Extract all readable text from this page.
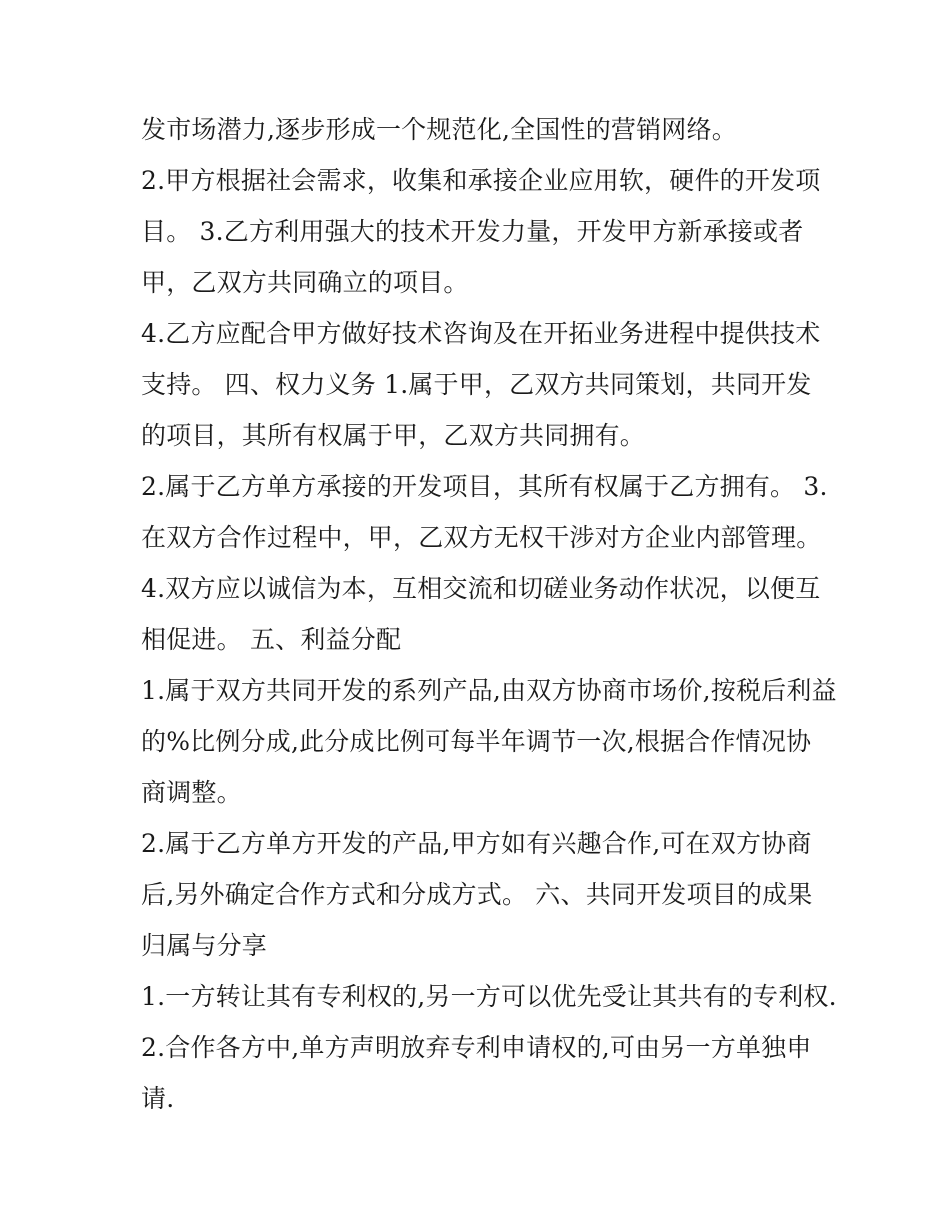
发市场潜力,逐步形成一个规范化,全国性的营销网络。
2.甲方根据社会需求，收集和承接企业应用软，硬件的开发项
目。 3.乙方利用强大的技术开发力量，开发甲方新承接或者
甲，乙双方共同确立的项目。
4.乙方应配合甲方做好技术咨询及在开拓业务进程中提供技术
支持。 四、权力义务 1.属于甲，乙双方共同策划，共同开发
的项目，其所有权属于甲，乙双方共同拥有。
2.属于乙方单方承接的开发项目，其所有权属于乙方拥有。 3.
在双方合作过程中，甲，乙双方无权干涉对方企业内部管理。
4.双方应以诚信为本，互相交流和切磋业务动作状况，以便互
相促进。 五、利益分配
1.属于双方共同开发的系列产品,由双方协商市场价,按税后利益
的%比例分成,此分成比例可每半年调节一次,根据合作情况协
商调整。
2.属于乙方单方开发的产品,甲方如有兴趣合作,可在双方协商
后,另外确定合作方式和分成方式。 六、共同开发项目的成果
归属与分享
1.一方转让其有专利权的,另一方可以优先受让其共有的专利权.
2.合作各方中,单方声明放弃专利申请权的,可由另一方单独申
请.
